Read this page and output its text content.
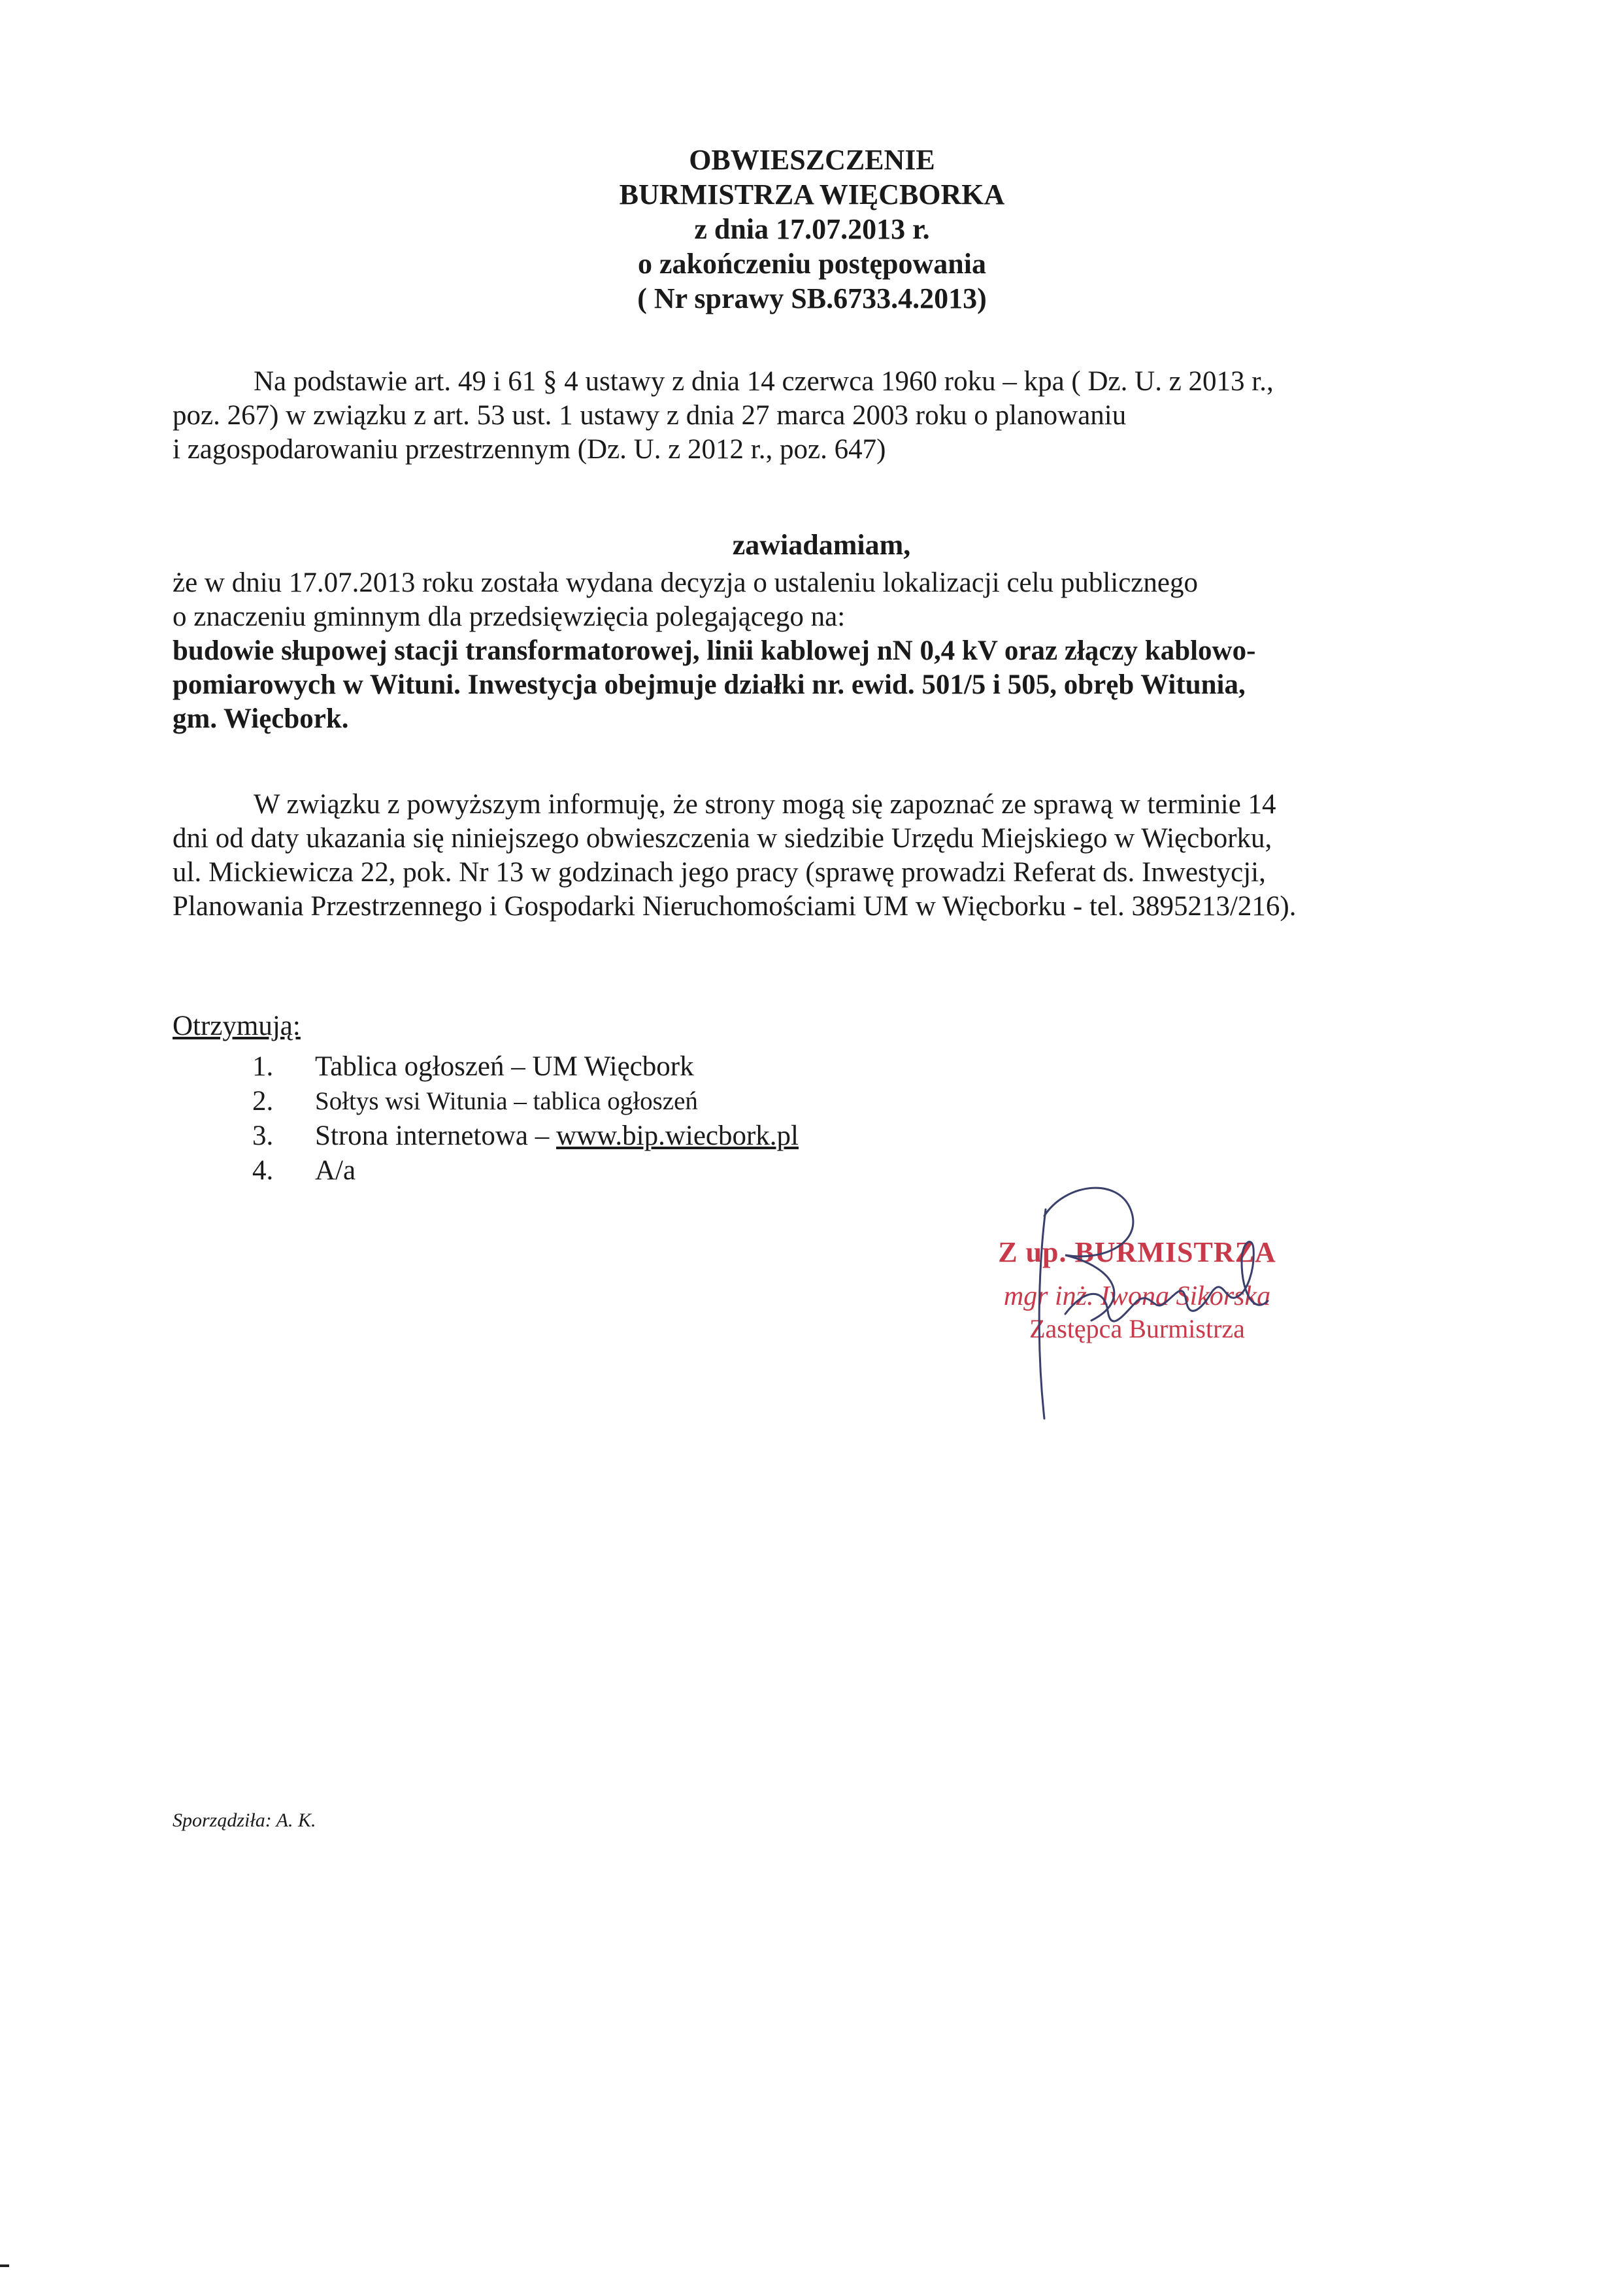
OBWIESZCZENIE
BURMISTRZA WIĘCBORKA
z dnia 17.07.2013 r.
o zakończeniu postępowania
( Nr sprawy SB.6733.4.2013)
Na podstawie art. 49 i 61 § 4 ustawy z dnia 14 czerwca 1960 roku – kpa ( Dz. U. z 2013 r.,
poz. 267) w związku z art. 53 ust. 1 ustawy z dnia 27 marca 2003 roku o planowaniu
i zagospodarowaniu przestrzennym (Dz. U. z 2012 r., poz. 647)
zawiadamiam,
że w dniu 17.07.2013 roku została wydana decyzja o ustaleniu lokalizacji celu publicznego
o znaczeniu gminnym dla przedsięwzięcia polegającego na:
budowie słupowej stacji transformatorowej, linii kablowej nN 0,4 kV oraz złączy kablowo-
pomiarowych w Wituni. Inwestycja obejmuje działki nr. ewid. 501/5 i 505, obręb Witunia,
gm. Więcbork.
W związku z powyższym informuję, że strony mogą się zapoznać ze sprawą w terminie 14
dni od daty ukazania się niniejszego obwieszczenia w siedzibie Urzędu Miejskiego w Więcborku,
ul. Mickiewicza 22, pok. Nr 13 w godzinach jego pracy (sprawę prowadzi Referat ds. Inwestycji,
Planowania Przestrzennego i Gospodarki Nieruchomościami UM w Więcborku - tel. 3895213/216).
Otrzymują:
1.	Tablica ogłoszeń – UM Więcbork
2.	Sołtys wsi Witunia – tablica ogłoszeń
3.	Strona internetowa – www.bip.wiecbork.pl
4.	A/a
Z up. BURMISTRZA
mgr inż. Iwona Sikorska
Zastępca Burmistrza
Sporządziła: A. K.
